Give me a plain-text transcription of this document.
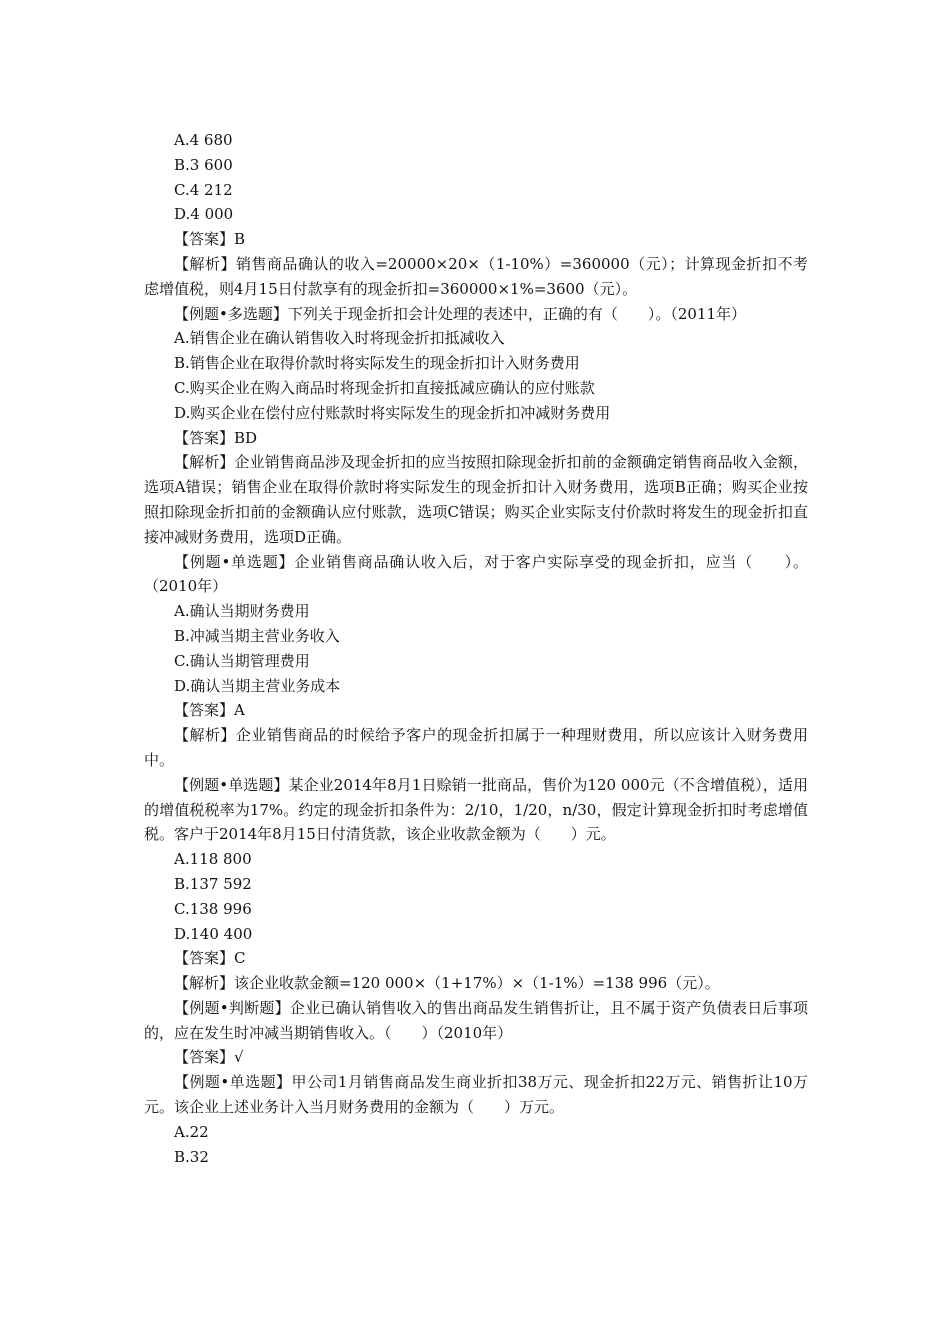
A.4 680
B.3 600
C.4 212
D.4 000
【答案】B
【解析】销售商品确认的收入=20000×20×（1-10%）=360000（元）；计算现金折扣不考虑增值税，则4月15日付款享有的现金折扣=360000×1%=3600（元）。
【例题•多选题】下列关于现金折扣会计处理的表述中，正确的有（　　）。（2011年）
A.销售企业在确认销售收入时将现金折扣抵减收入
B.销售企业在取得价款时将实际发生的现金折扣计入财务费用
C.购买企业在购入商品时将现金折扣直接抵减应确认的应付账款
D.购买企业在偿付应付账款时将实际发生的现金折扣冲减财务费用
【答案】BD
【解析】企业销售商品涉及现金折扣的应当按照扣除现金折扣前的金额确定销售商品收入金额，选项A错误；销售企业在取得价款时将实际发生的现金折扣计入财务费用，选项B正确；购买企业按照扣除现金折扣前的金额确认应付账款，选项C错误；购买企业实际支付价款时将发生的现金折扣直接冲减财务费用，选项D正确。
【例题•单选题】企业销售商品确认收入后，对于客户实际享受的现金折扣，应当（　　）。（2010年）
A.确认当期财务费用
B.冲减当期主营业务收入
C.确认当期管理费用
D.确认当期主营业务成本
【答案】A
【解析】企业销售商品的时候给予客户的现金折扣属于一种理财费用，所以应该计入财务费用中。
【例题•单选题】某企业2014年8月1日赊销一批商品，售价为120 000元（不含增值税），适用的增值税税率为17%。约定的现金折扣条件为：2/10，1/20，n/30，假定计算现金折扣时考虑增值税。客户于2014年8月15日付清货款，该企业收款金额为（　　）元。
A.118 800
B.137 592
C.138 996
D.140 400
【答案】C
【解析】该企业收款金额=120 000×（1+17%）×（1-1%）=138 996（元）。
【例题•判断题】企业已确认销售收入的售出商品发生销售折让，且不属于资产负债表日后事项的，应在发生时冲减当期销售收入。（　　）（2010年）
【答案】√
【例题•单选题】甲公司1月销售商品发生商业折扣38万元、现金折扣22万元、销售折让10万元。该企业上述业务计入当月财务费用的金额为（　　）万元。
A.22
B.32
